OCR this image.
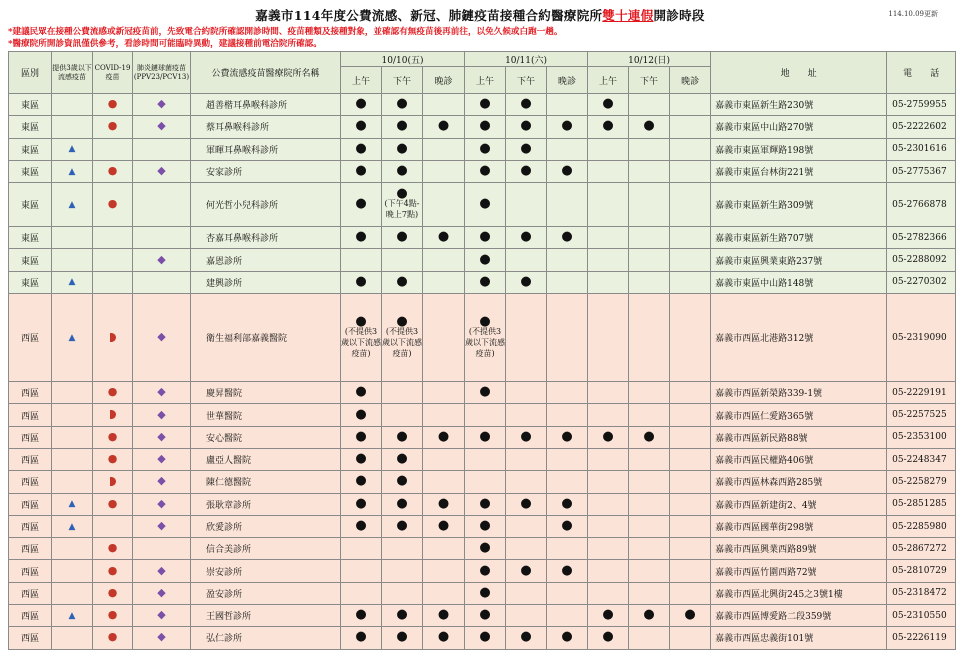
嘉義市114年度公費流感、新冠、肺鏈疫苗接種合約醫療院所雙十連假開診時段	114.10.09更新
*建議民眾在接種公費流感或新冠疫苗前，先致電合約院所確認開診時間、疫苗種類及接種對象，並確認有無疫苗後再前往，以免久候或白跑一趟。
*醫療院所開診資訊僅供參考，看診時間可能臨時異動，建議接種前電洽院所確認。
區別	提供3歲以下流感疫苗	COVID-19疫苗	肺炎鏈球菌疫苗(PPV23/PCV13)	公費流感疫苗醫療院所名稱	10/10(五)			10/11(六)			10/12(日)			地　　址	電　　話
					上午	下午	晚診	上午	下午	晚診	上午	下午	晚診		
東區		●	◆	趙善楷耳鼻喉科診所	●	●		●	●		●			嘉義市東區新生路230號	05-2759955
東區		●	◆	蔡耳鼻喉科診所	●	●	●	●	●	●	●	●		嘉義市東區中山路270號	05-2222602
東區	▲			軍暉耳鼻喉科診所	●	●		●	●					嘉義市東區軍輝路198號	05-2301616
東區	▲	●	◆	安家診所	●	●		●	●	●				嘉義市東區台林街221號	05-2775367
東區	▲	●		何光哲小兒科診所	●	●
(下午4點-晚上7點)		●						嘉義市東區新生路309號	05-2766878
東區				杏嘉耳鼻喉科診所	●	●	●	●	●	●				嘉義市東區新生路707號	05-2782366
東區			◆	嘉恩診所				●						嘉義市東區興業東路237號	05-2288092
東區	▲			建興診所	●	●		●	●					嘉義市東區中山路148號	05-2270302
西區	▲		◆	衛生福利部嘉義醫院	●
(不提供3歲以下流感疫苗)	●
(不提供3歲以下流感疫苗)		●
(不提供3歲以下流感疫苗)						嘉義市西區北港路312號	05-2319090
西區		●	◆	慶昇醫院	●			●						嘉義市西區新榮路339-1號	05-2229191
西區			◆	世華醫院	●									嘉義市西區仁愛路365號	05-2257525
西區		●	◆	安心醫院	●	●	●	●	●	●	●	●		嘉義市西區新民路88號	05-2353100
西區		●	◆	盧亞人醫院	●	●								嘉義市西區民權路406號	05-2248347
西區			◆	陳仁德醫院	●	●								嘉義市西區林森西路285號	05-2258279
西區	▲	●	◆	張耿章診所	●	●	●	●	●	●				嘉義市西區新建街2、4號	05-2851285
西區	▲		◆	欣愛診所	●	●	●	●		●				嘉義市西區國華街298號	05-2285980
西區		●		信合美診所				●						嘉義市西區興業西路89號	05-2867272
西區		●	◆	崇安診所				●	●	●				嘉義市西區竹圍西路72號	05-2810729
西區		●	◆	盈安診所				●						嘉義市西區北興街245之3號1樓	05-2318472
西區	▲	●	◆	王國哲診所	●	●	●	●			●	●	●	嘉義市西區博愛路二段359號	05-2310550
西區		●	◆	弘仁診所	●	●	●	●	●	●	●			嘉義市西區忠義街101號	05-2226119
